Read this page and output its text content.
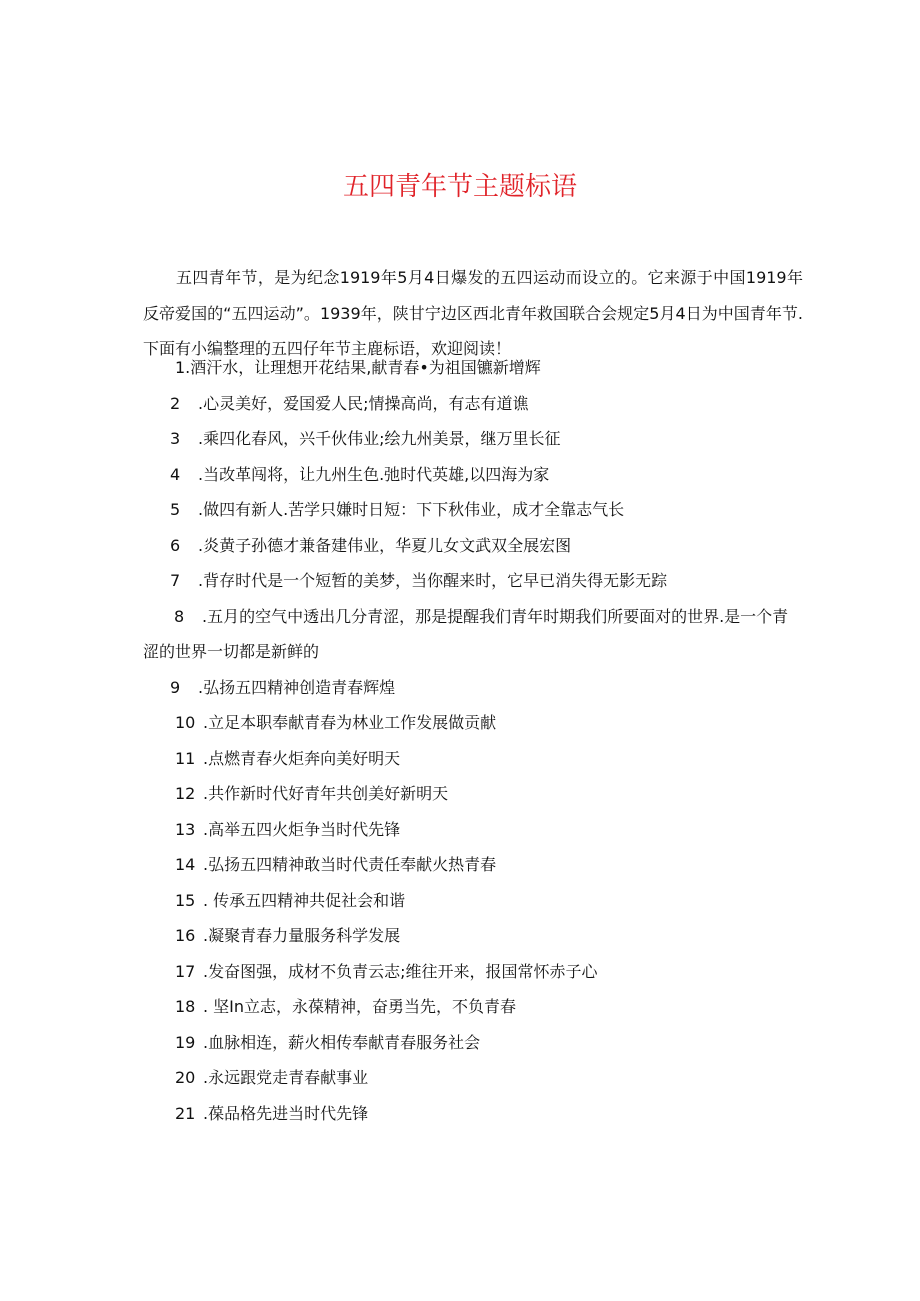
五四青年节主题标语

五四青年节，是为纪念1919年5月4日爆发的五四运动而设立的。它来源于中国1919年反帝爱国的“五四运动”。1939年，陕甘宁边区西北青年救国联合会规定5月4日为中国青年节.下面有小编整理的五四仔年节主鹿标语，欢迎阅读！

1.酒汗水，让理想开花结果,献青春•为祖国镳新增辉
2 .心灵美好，爱国爱人民;情操高尚，有志有道谯
3 .乘四化春风，兴千伙伟业;绘九州美景，继万里长征
4 .当改革闯将，让九州生色.弛时代英雄,以四海为家
5 .做四有新人.苦学只嫌时日短：下下秋伟业，成才全靠志气长
6 .炎黄子孙德才兼备建伟业，华夏儿女文武双全展宏图
7 .背存时代是一个短暂的美梦，当你醒来时，它早已消失得无影无踪
8 .五月的空气中透出几分青涩，那是提醒我们青年时期我们所要面对的世界.是一个青涩的世界一切都是新鲜的
9 .弘扬五四精神创造青春辉煌
10 .立足本职奉献青春为林业工作发展做贡献
11 .点燃青春火炬奔向美好明天
12 .共作新时代好青年共创美好新明天
13 .高举五四火炬争当时代先锋
14 .弘扬五四精神敢当时代责任奉献火热青春
15 . 传承五四精神共促社会和谐
16 .凝聚青春力量服务科学发展
17 .发奋图强，成材不负青云志;维往开来，报国常怀赤子心
18 . 坚In立志，永葆精神，奋勇当先，不负青春
19 .血脉相连，薪火相传奉献青春服务社会
20 .永远跟党走青春献事业
21 .葆品格先进当时代先锋
